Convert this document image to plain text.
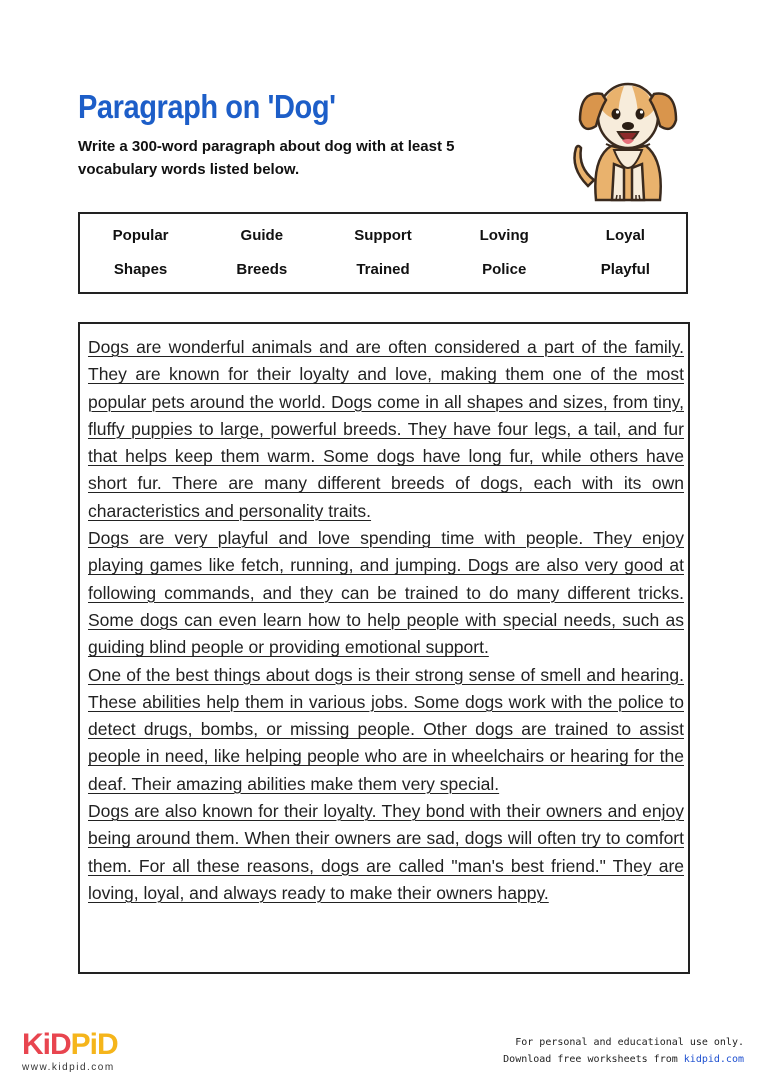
Paragraph on 'Dog'
Write a 300-word paragraph about dog with at least 5 vocabulary words listed below.
Popular	Guide	Support	Loving	Loyal
Shapes	Breeds	Trained	Police	Playful

Dogs are wonderful animals and are often considered a part of the family. They are known for their loyalty and love, making them one of the most popular pets around the world. Dogs come in all shapes and sizes, from tiny, fluffy puppies to large, powerful breeds. They have four legs, a tail, and fur that helps keep them warm. Some dogs have long fur, while others have short fur. There are many different breeds of dogs, each with its own characteristics and personality traits.

Dogs are very playful and love spending time with people. They enjoy playing games like fetch, running, and jumping. Dogs are also very good at following commands, and they can be trained to do many different tricks. Some dogs can even learn how to help people with special needs, such as guiding blind people or providing emotional support.

One of the best things about dogs is their strong sense of smell and hearing. These abilities help them in various jobs. Some dogs work with the police to detect drugs, bombs, or missing people. Other dogs are trained to assist people in need, like helping people who are in wheelchairs or hearing for the deaf. Their amazing abilities make them very special.

Dogs are also known for their loyalty. They bond with their owners and enjoy being around them. When their owners are sad, dogs will often try to comfort them. For all these reasons, dogs are called "man's best friend." They are loving, loyal, and always ready to make their owners happy.

KiDPiD
www.kidpid.com
For personal and educational use only.
Download free worksheets from kidpid.com
